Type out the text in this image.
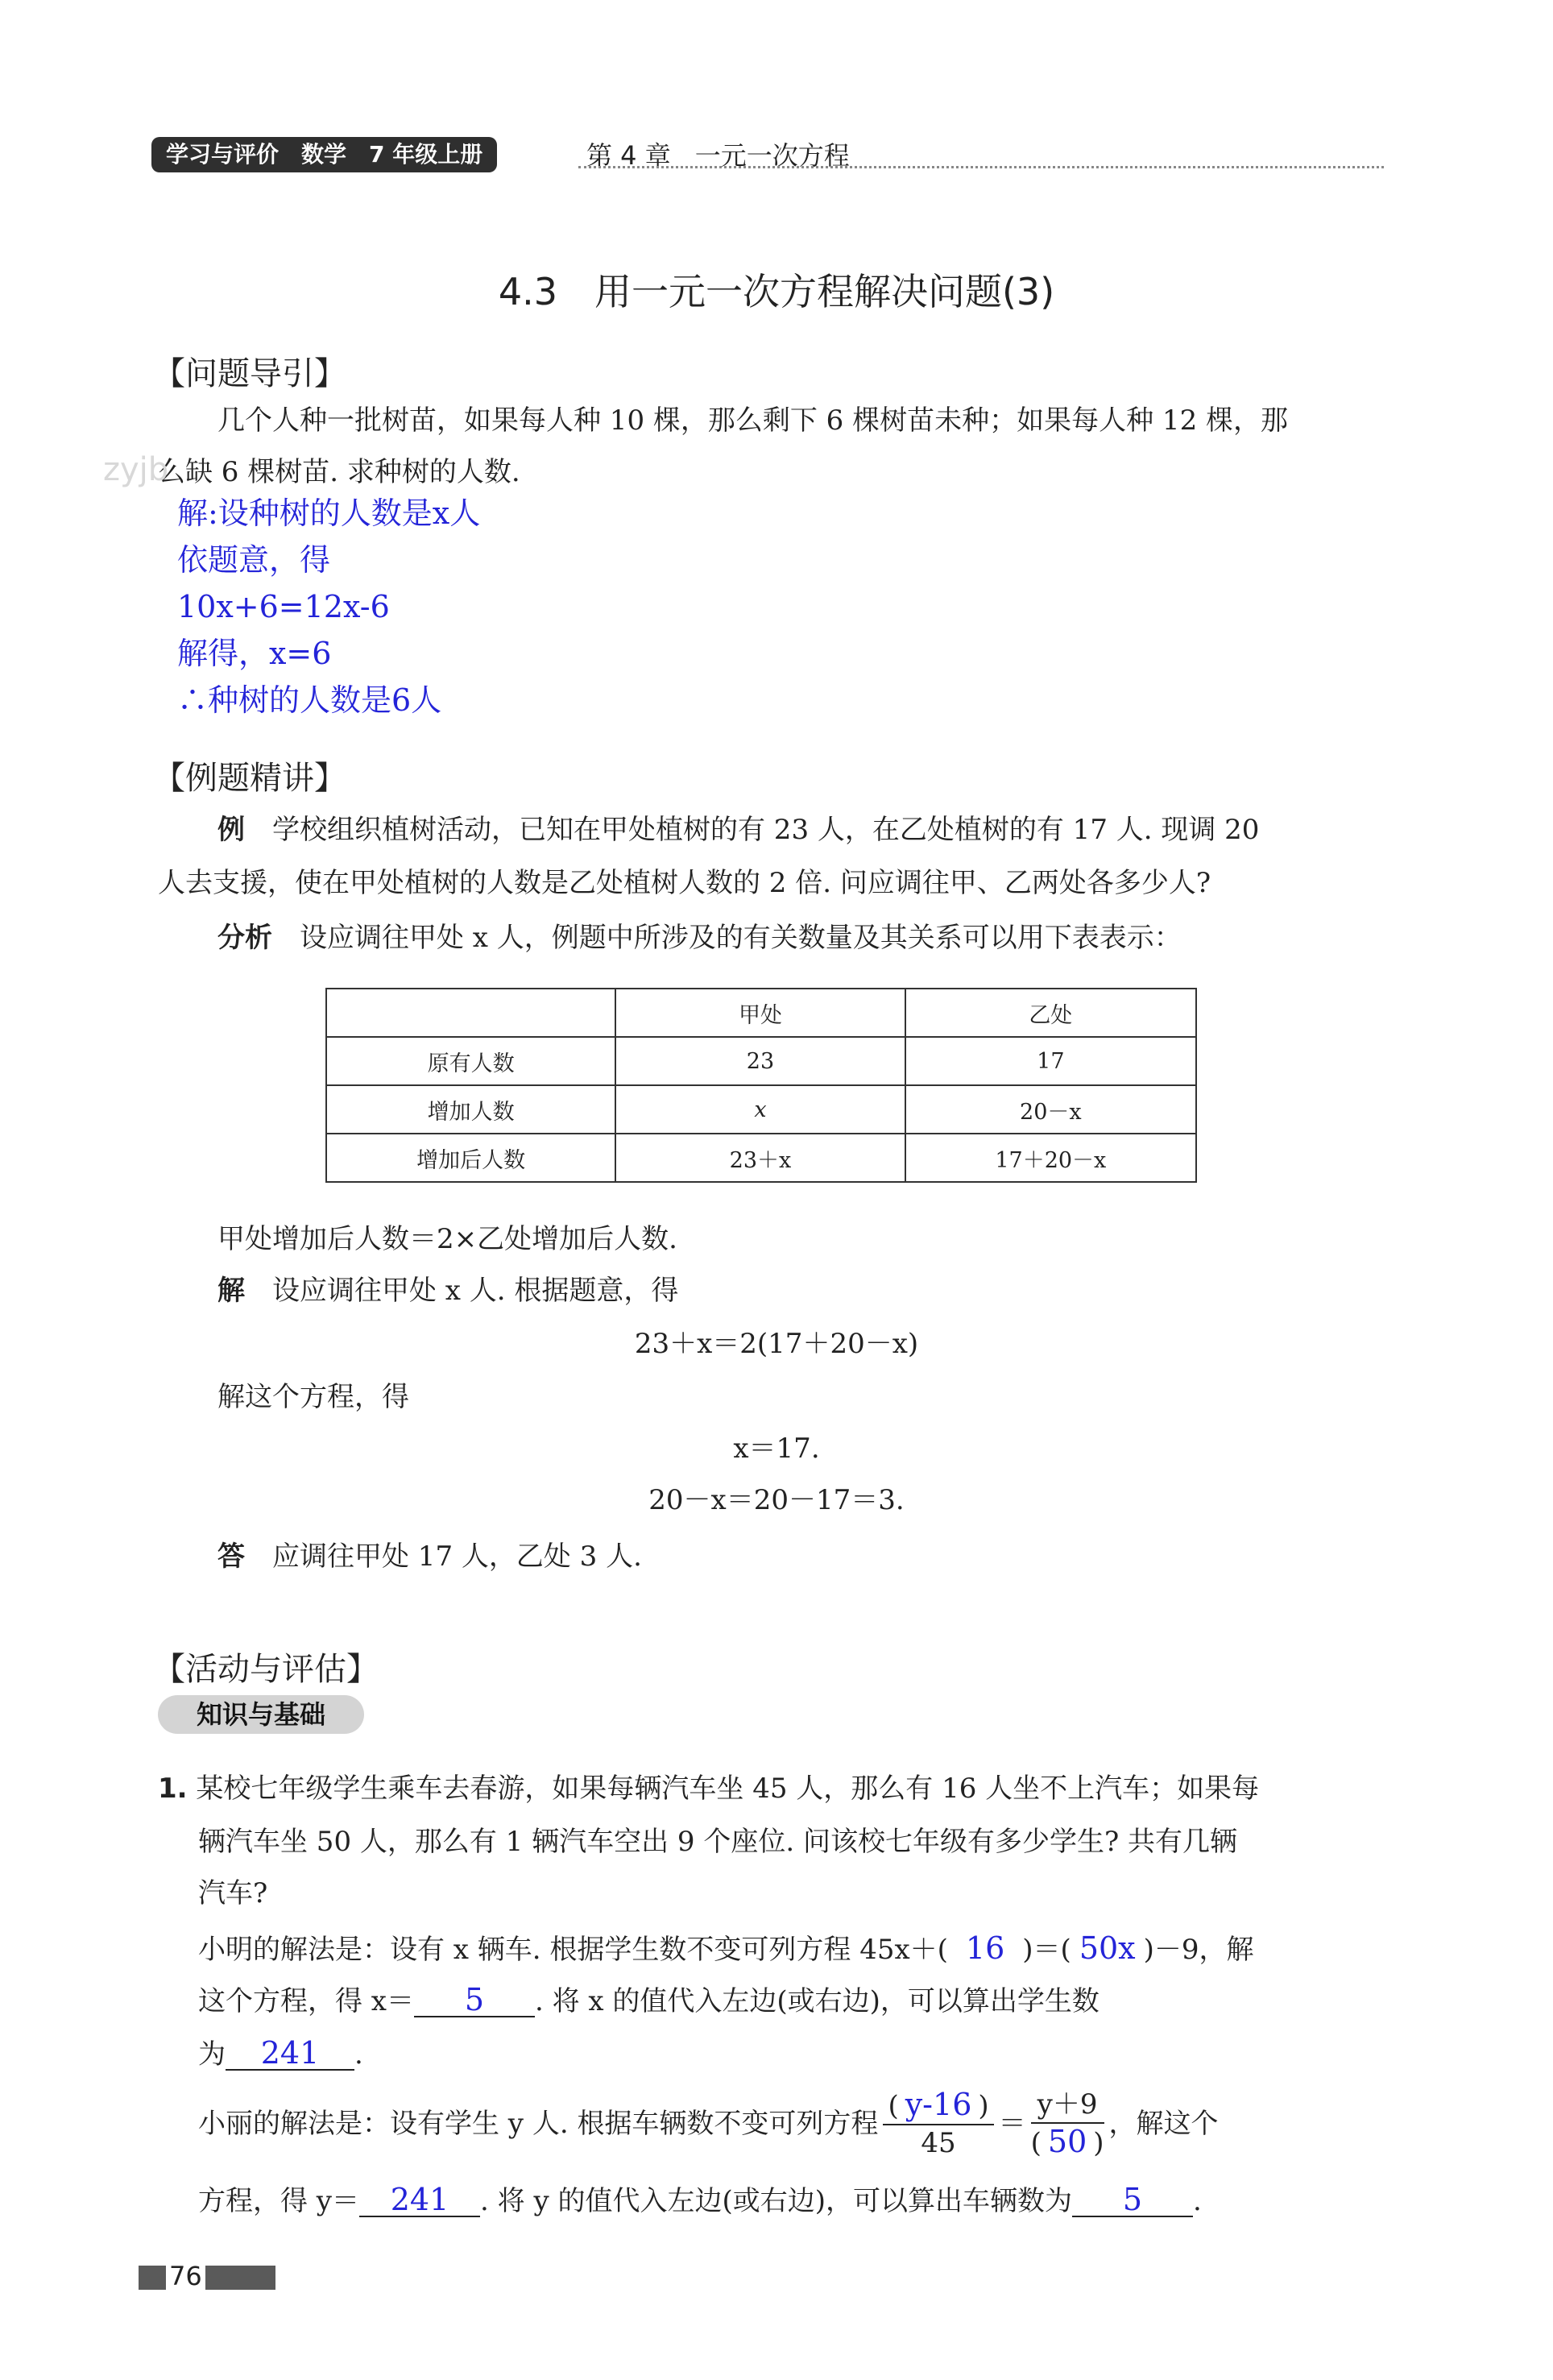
学习与评价　数学　7 年级上册	第 4 章 一元一次方程
4.3　用一元一次方程解决问题(3)
【问题导引】
几个人种一批树苗，如果每人种 10 棵，那么剩下 6 棵树苗未种；如果每人种 12 棵，那
么缺 6 棵树苗. 求种树的人数.
zyjb
解:设种树的人数是x人
依题意，得
10x+6=12x-6
解得，x=6
∴种树的人数是6人
【例题精讲】
例　 学校组织植树活动，已知在甲处植树的有 23 人，在乙处植树的有 17 人. 现调 20
人去支援，使在甲处植树的人数是乙处植树人数的 2 倍. 问应调往甲、乙两处各多少人?
分析　 设应调往甲处 x 人，例题中所涉及的有关数量及其关系可以用下表表示：
	甲处	乙处
原有人数	23	17
增加人数	x	20－x
增加后人数	23＋x	17＋20－x
甲处增加后人数＝2×乙处增加后人数.
解　 设应调往甲处 x 人. 根据题意，得
23＋x＝2(17＋20－x)
解这个方程，得
x＝17.
20－x＝20－17＝3.
答　 应调往甲处 17 人，乙处 3 人.
【活动与评估】
知识与基础
1. 某校七年级学生乘车去春游，如果每辆汽车坐 45 人，那么有 16 人坐不上汽车；如果每
辆汽车坐 50 人，那么有 1 辆汽车空出 9 个座位. 问该校七年级有多少学生? 共有几辆
汽车?
小明的解法是：设有 x 辆车. 根据学生数不变可列方程 45x＋( 16 )＝( 50x )－9，解
这个方程，得 x＝ 5 . 将 x 的值代入左边(或右边)，可以算出学生数
为 241 .
小丽的解法是：设有学生 y 人. 根据车辆数不变可列方程 $\frac{( y-16 )}{45} = \frac{y+9}{( 50 )}$ ，解这个
方程，得 y＝ 241 . 将 y 的值代入左边(或右边)，可以算出车辆数为 5 .
76
